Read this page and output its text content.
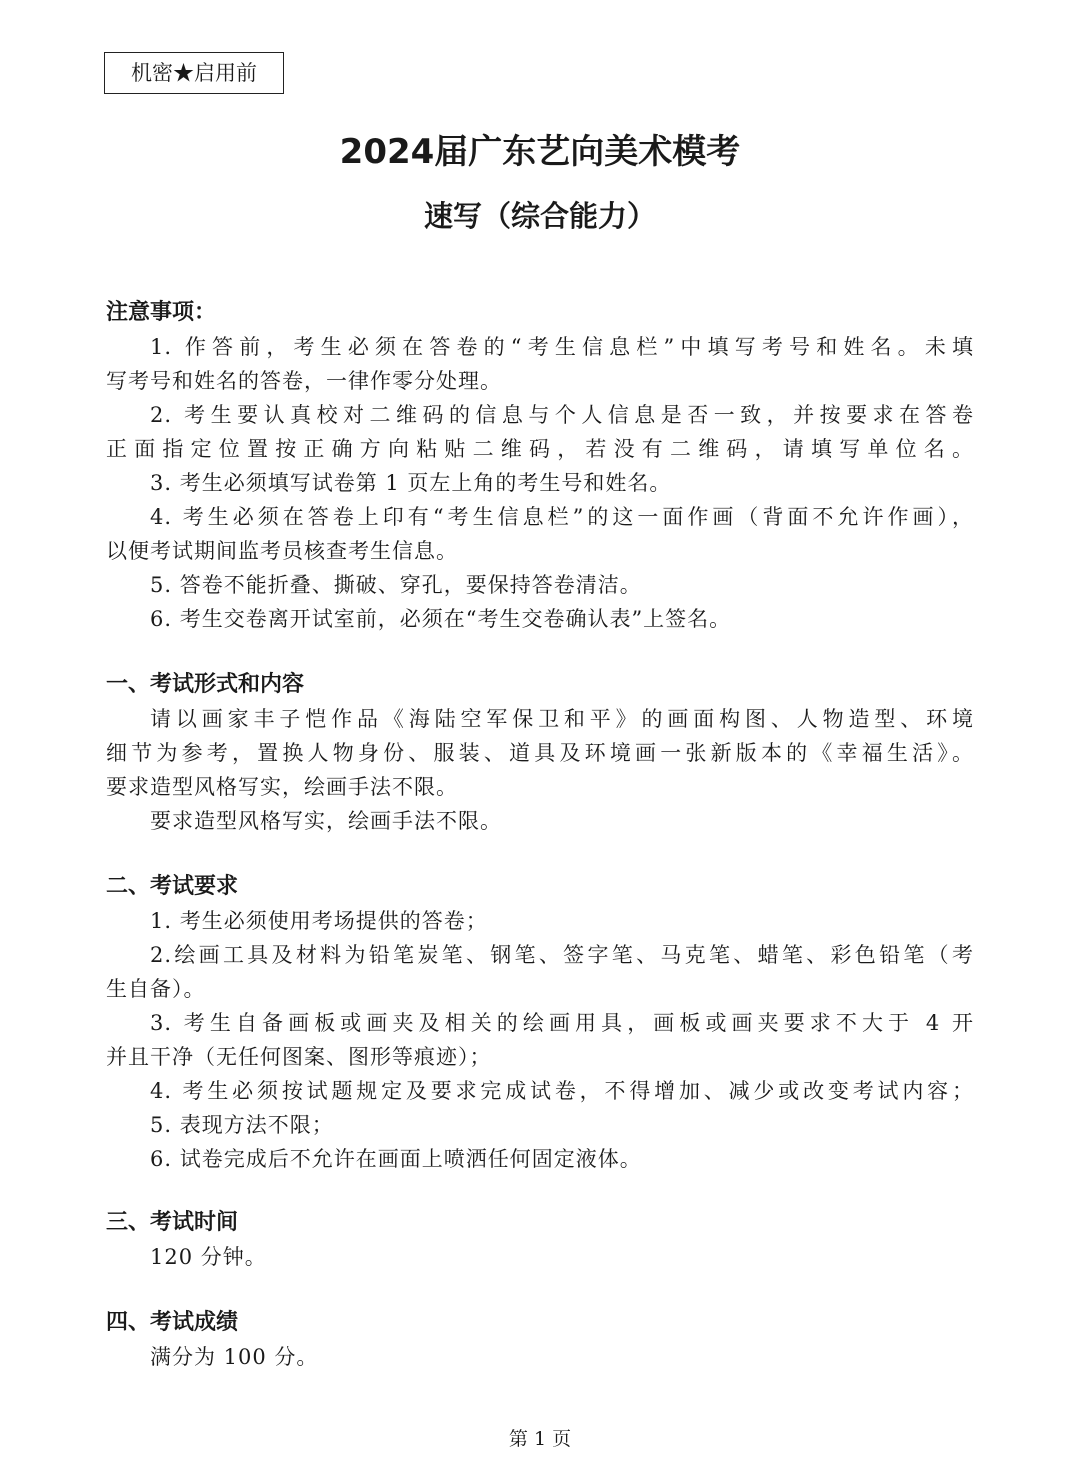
机密★启用前
2024届广东艺向美术模考
速写（综合能力）
注意事项：
1. 作答前，考生必须在答卷的“考生信息栏”中填写考号和姓名。未填
写考号和姓名的答卷，一律作零分处理。
2. 考生要认真校对二维码的信息与个人信息是否一致，并按要求在答卷
正面指定位置按正确方向粘贴二维码，若没有二维码，请填写单位名。
3. 考生必须填写试卷第 1 页左上角的考生号和姓名。
4. 考生必须在答卷上印有“考生信息栏”的这一面作画（背面不允许作画），
以便考试期间监考员核查考生信息。
5. 答卷不能折叠、撕破、穿孔，要保持答卷清洁。
6. 考生交卷离开试室前，必须在“考生交卷确认表”上签名。
一、考试形式和内容
请以画家丰子恺作品《海陆空军保卫和平》的画面构图、人物造型、环境
细节为参考，置换人物身份、服装、道具及环境画一张新版本的《幸福生活》。
要求造型风格写实，绘画手法不限。
要求造型风格写实，绘画手法不限。
二、考试要求
1. 考生必须使用考场提供的答卷；
2.绘画工具及材料为铅笔炭笔、钢笔、签字笔、马克笔、蜡笔、彩色铅笔（考
生自备）。
3. 考生自备画板或画夹及相关的绘画用具，画板或画夹要求不大于 4 开
并且干净（无任何图案、图形等痕迹）；
4. 考生必须按试题规定及要求完成试卷，不得增加、减少或改变考试内容；
5. 表现方法不限；
6. 试卷完成后不允许在画面上喷洒任何固定液体。
三、考试时间
120 分钟。
四、考试成绩
满分为 100 分。
第 1 页
